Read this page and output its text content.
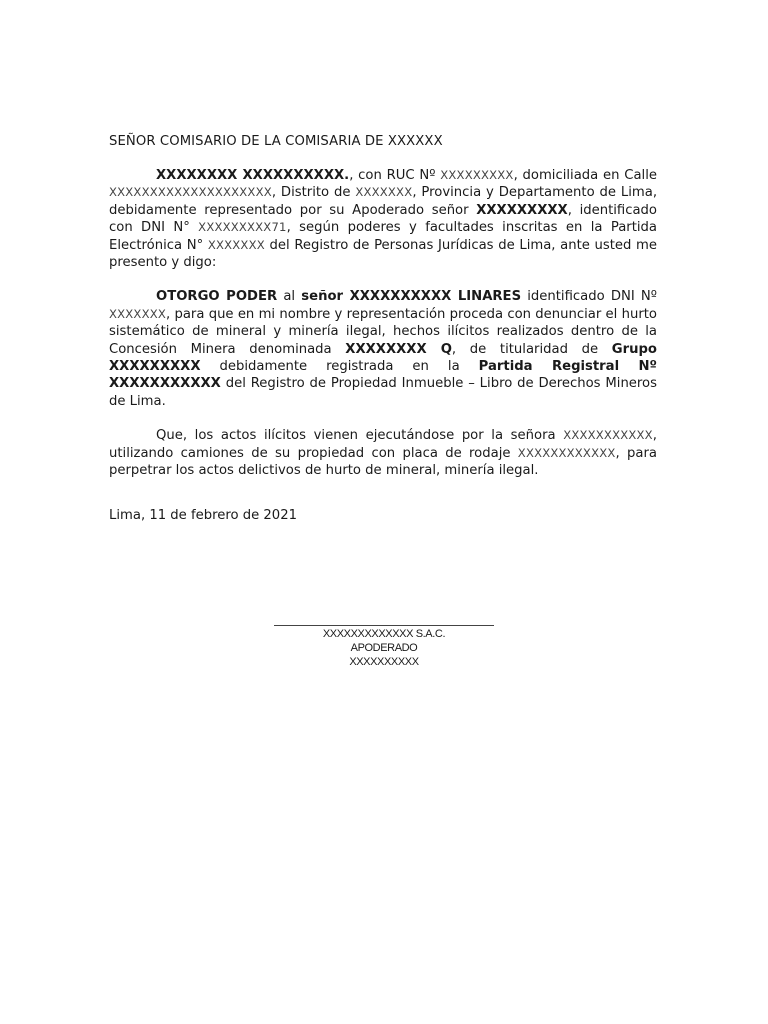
SEÑOR COMISARIO DE LA COMISARIA DE XXXXXX

XXXXXXXX XXXXXXXXXX., con RUC Nº XXXXXXXXX, domiciliada en Calle XXXXXXXXXXXXXXXXXXXX, Distrito de XXXXXXX, Provincia y Departamento de Lima, debidamente representado por su Apoderado señor XXXXXXXXX, identificado con DNI N° XXXXXXXXX71, según poderes y facultades inscritas en la Partida Electrónica N° XXXXXXX del Registro de Personas Jurídicas de Lima, ante usted me presento y digo:

OTORGO PODER al señor XXXXXXXXXX LINARES identificado DNI Nº XXXXXXX, para que en mi nombre y representación proceda con denunciar el hurto sistemático de mineral y minería ilegal, hechos ilícitos realizados dentro de la Concesión Minera denominada XXXXXXXX Q, de titularidad de Grupo XXXXXXXXX debidamente registrada en la Partida Registral Nº XXXXXXXXXXX del Registro de Propiedad Inmueble – Libro de Derechos Mineros de Lima.

Que, los actos ilícitos vienen ejecutándose por la señora XXXXXXXXXXX, utilizando camiones de su propiedad con placa de rodaje XXXXXXXXXXXX, para perpetrar los actos delictivos de hurto de mineral, minería ilegal.

Lima, 11 de febrero de 2021
XXXXXXXXXXXXX S.A.C.
APODERADO
XXXXXXXXXX
